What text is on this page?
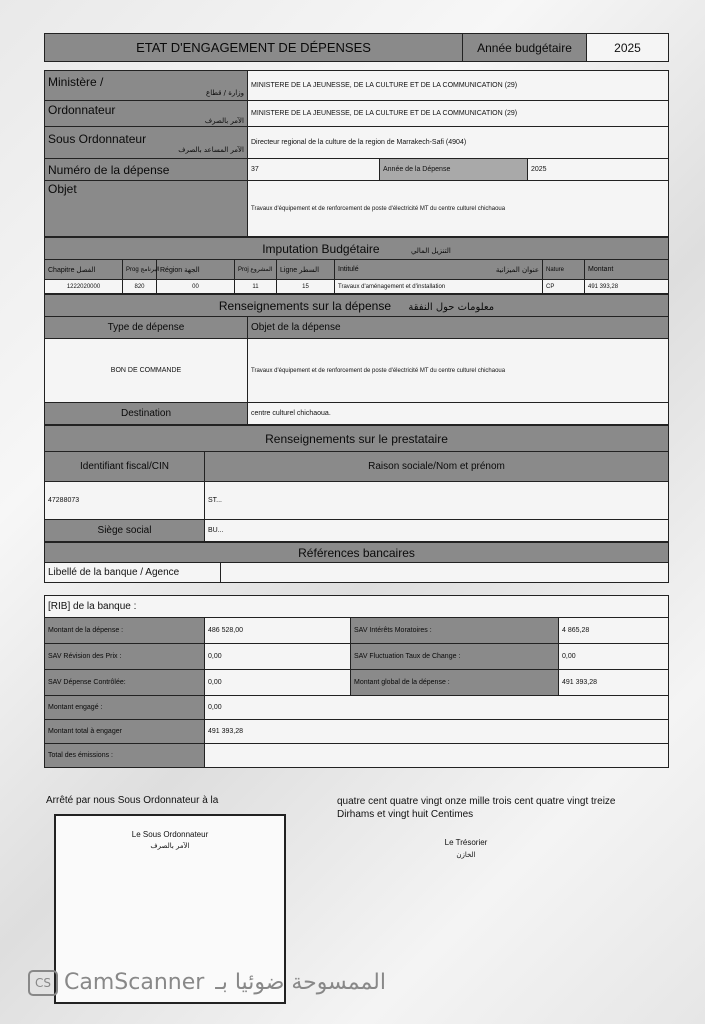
ETAT D'ENGAGEMENT DE DÉPENSES	Année budgétaire	2025
Ministère /
وزارة / قطاع	MINISTERE DE LA JEUNESSE, DE LA CULTURE ET DE LA COMMUNICATION (29)		

Ordonnateur
الآمر بالصرف	MINISTERE DE LA JEUNESSE, DE LA CULTURE ET DE LA COMMUNICATION (29)		

Sous Ordonnateur
الآمر المساعد بالصرف	Directeur regional de la culture de la region de Marrakech-Safi (4904)		
Numéro de la dépense	37	Année de la Dépense	2025
Objet	Travaux d'équipement et de renforcement de poste d'électricité MT du centre culturel chichaoua		
Imputation Budgétaire التنزيل المالي							
Chapitre الفصل	Prog البرنامج	Région الجهة	Proj المشروع	Ligne السطر	Intitulé عنوان الميزانية	Nature	Montant
1222020000	820	00	11	15	Travaux d'aménagement et d'installation	CP	491 393,28
Renseignements sur la dépense معلومات حول النفقة	
Type de dépense	Objet de la dépense
BON DE COMMANDE	Travaux d'équipement et de renforcement de poste d'électricité MT du centre culturel chichaoua
Destination	centre culturel chichaoua.
Renseignements sur le prestataire	
Identifiant fiscal/CIN	Raison sociale/Nom et prénom
47288073	ST...
Siège social	BU...
Références bancaires
Libellé de la banque / Agence	
[RIB] de la banque :			
Montant de la dépense :	486 528,00	SAV Intérêts Moratoires :	4 865,28
SAV Révision des Prix :	0,00	SAV Fluctuation Taux de Change :	0,00
SAV Dépense Contrôlée:	0,00	Montant global de la dépense :	491 393,28
Montant engagé :	0,00		
Montant total à engager	491 393,28		
Total des émissions :			
Arrêté par nous Sous Ordonnateur à la	quatre cent quatre vingt onze mille trois cent quatre vingt treize
Dirhams et vingt huit Centimes
Le Sous Ordonnateur
الآمر بالصرف	Le Trésorier
الخازن
CS CamScanner الممسوحة ضوئيا بـ
